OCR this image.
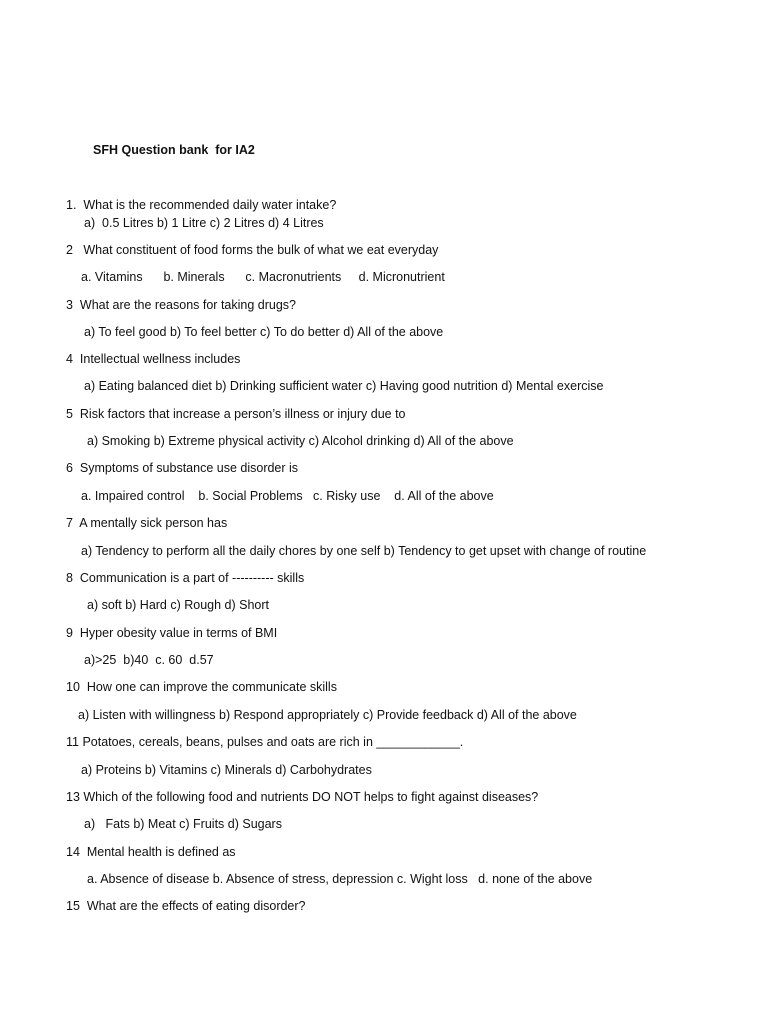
SFH Question bank  for IA2
1.  What is the recommended daily water intake?
a)  0.5 Litres b) 1 Litre c) 2 Litres d) 4 Litres
2   What constituent of food forms the bulk of what we eat everyday
a. Vitamins      b. Minerals      c. Macronutrients     d. Micronutrient
3  What are the reasons for taking drugs?
a) To feel good b) To feel better c) To do better d) All of the above
4  Intellectual wellness includes
a) Eating balanced diet b) Drinking sufficient water c) Having good nutrition d) Mental exercise
5  Risk factors that increase a person’s illness or injury due to
a) Smoking b) Extreme physical activity c) Alcohol drinking d) All of the above
6  Symptoms of substance use disorder is
a. Impaired control    b. Social Problems   c. Risky use    d. All of the above
7  A mentally sick person has
a) Tendency to perform all the daily chores by one self b) Tendency to get upset with change of routine
8  Communication is a part of ---------- skills
a) soft b) Hard c) Rough d) Short
9  Hyper obesity value in terms of BMI
a)>25  b)40  c. 60  d.57
10  How one can improve the communicate skills
a) Listen with willingness b) Respond appropriately c) Provide feedback d) All of the above
11 Potatoes, cereals, beans, pulses and oats are rich in ____________.
a) Proteins b) Vitamins c) Minerals d) Carbohydrates
13 Which of the following food and nutrients DO NOT helps to fight against diseases?
a)   Fats b) Meat c) Fruits d) Sugars
14  Mental health is defined as
a. Absence of disease b. Absence of stress, depression c. Wight loss   d. none of the above
15  What are the effects of eating disorder?
